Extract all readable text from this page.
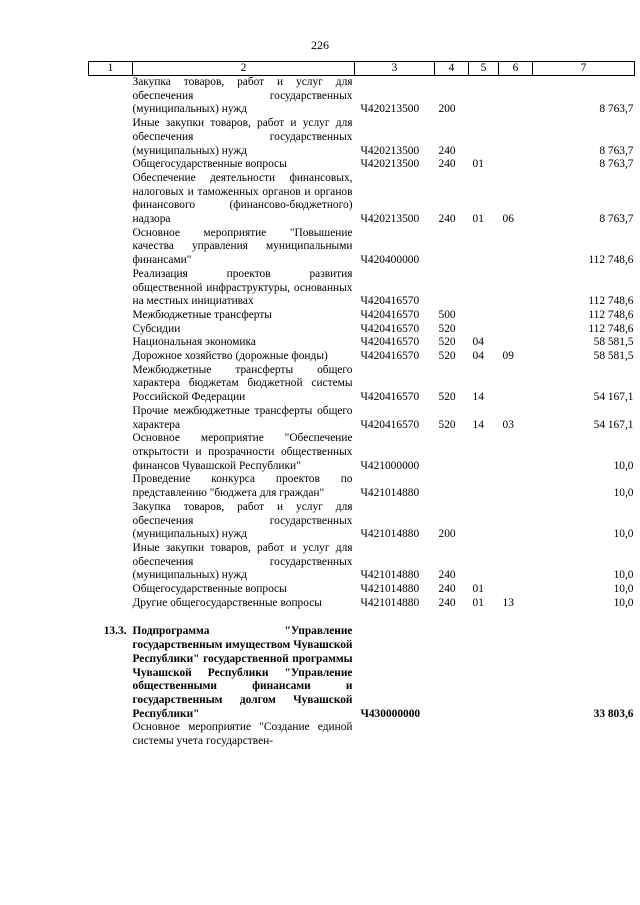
226
1	2	3	4	5	6	7
	Закупка товаров, работ и услуг для обеспечения государственных (муниципальных) нужд	Ч420213500	200			8 763,7
	Иные закупки товаров, работ и услуг для обеспечения государственных (муниципальных) нужд	Ч420213500	240			8 763,7
	Общегосударственные вопросы	Ч420213500	240	01		8 763,7
	Обеспечение деятельности финансовых, налоговых и таможенных органов и органов финансового (финансово-бюджетного) надзора	Ч420213500	240	01	06	8 763,7
	Основное мероприятие "Повышение качества управления муниципальными финансами"	Ч420400000				112 748,6
	Реализация проектов развития общественной инфраструктуры, основанных на местных инициативах	Ч420416570				112 748,6
	Межбюджетные трансферты	Ч420416570	500			112 748,6
	Субсидии	Ч420416570	520			112 748,6
	Национальная экономика	Ч420416570	520	04		58 581,5
	Дорожное хозяйство (дорожные фонды)	Ч420416570	520	04	09	58 581,5
	Межбюджетные трансферты общего характера бюджетам бюджетной системы Российской Федерации	Ч420416570	520	14		54 167,1
	Прочие межбюджетные трансферты общего характера	Ч420416570	520	14	03	54 167,1
	Основное мероприятие "Обеспечение открытости и прозрачности общественных финансов Чувашской Республики"	Ч421000000				10,0
	Проведение конкурса проектов по представлению "бюджета для граждан"	Ч421014880				10,0
	Закупка товаров, работ и услуг для обеспечения государственных (муниципальных) нужд	Ч421014880	200			10,0
	Иные закупки товаров, работ и услуг для обеспечения государственных (муниципальных) нужд	Ч421014880	240			10,0
	Общегосударственные вопросы	Ч421014880	240	01		10,0
	Другие общегосударственные вопросы	Ч421014880	240	01	13	10,0

13.3.	Подпрограмма "Управление государственным имуществом Чувашской Республики" государственной программы Чувашской Республики "Управление общественными финансами и государственным долгом Чувашской Республики"	Ч430000000				33 803,6
	Основное мероприятие "Создание единой системы учета государствен-					
